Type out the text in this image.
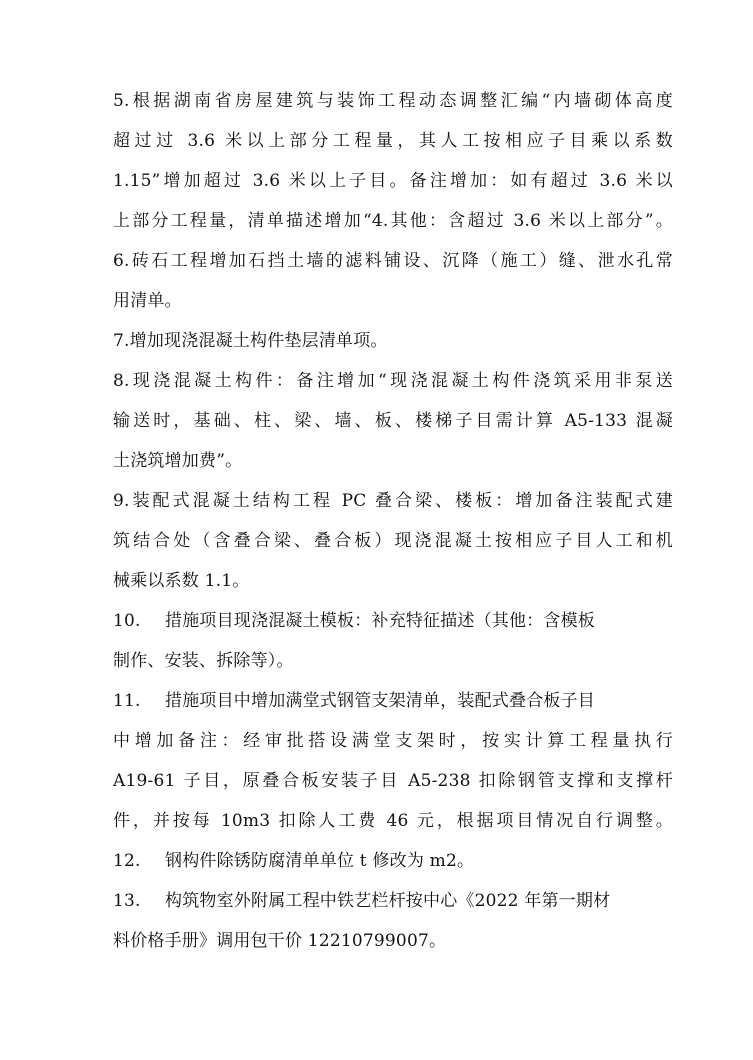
5.根据湖南省房屋建筑与装饰工程动态调整汇编“内墙砌体高度
超过过 3.6 米以上部分工程量，其人工按相应子目乘以系数
1.15”增加超过 3.6 米以上子目。备注增加：如有超过 3.6 米以
上部分工程量，清单描述增加“4.其他：含超过 3.6 米以上部分”。
6.砖石工程增加石挡土墙的滤料铺设、沉降（施工）缝、泄水孔常
用清单。
7.增加现浇混凝土构件垫层清单项。
8.现浇混凝土构件：备注增加“现浇混凝土构件浇筑采用非泵送
输送时，基础、柱、梁、墙、板、楼梯子目需计算 A5-133 混凝
土浇筑增加费”。
9.装配式混凝土结构工程 PC 叠合梁、楼板：增加备注装配式建
筑结合处（含叠合梁、叠合板）现浇混凝土按相应子目人工和机
械乘以系数 1.1。
10. 措施项目现浇混凝土模板：补充特征描述（其他：含模板
制作、安装、拆除等）。
11. 措施项目中增加满堂式钢管支架清单，装配式叠合板子目
中增加备注：经审批搭设满堂支架时，按实计算工程量执行
A19-61 子目，原叠合板安装子目 A5-238 扣除钢管支撑和支撑杆
件，并按每 10m3 扣除人工费 46 元，根据项目情况自行调整。
12. 钢构件除锈防腐清单单位 t 修改为 m2。
13. 构筑物室外附属工程中铁艺栏杆按中心《2022 年第一期材
料价格手册》调用包干价 12210799007。
